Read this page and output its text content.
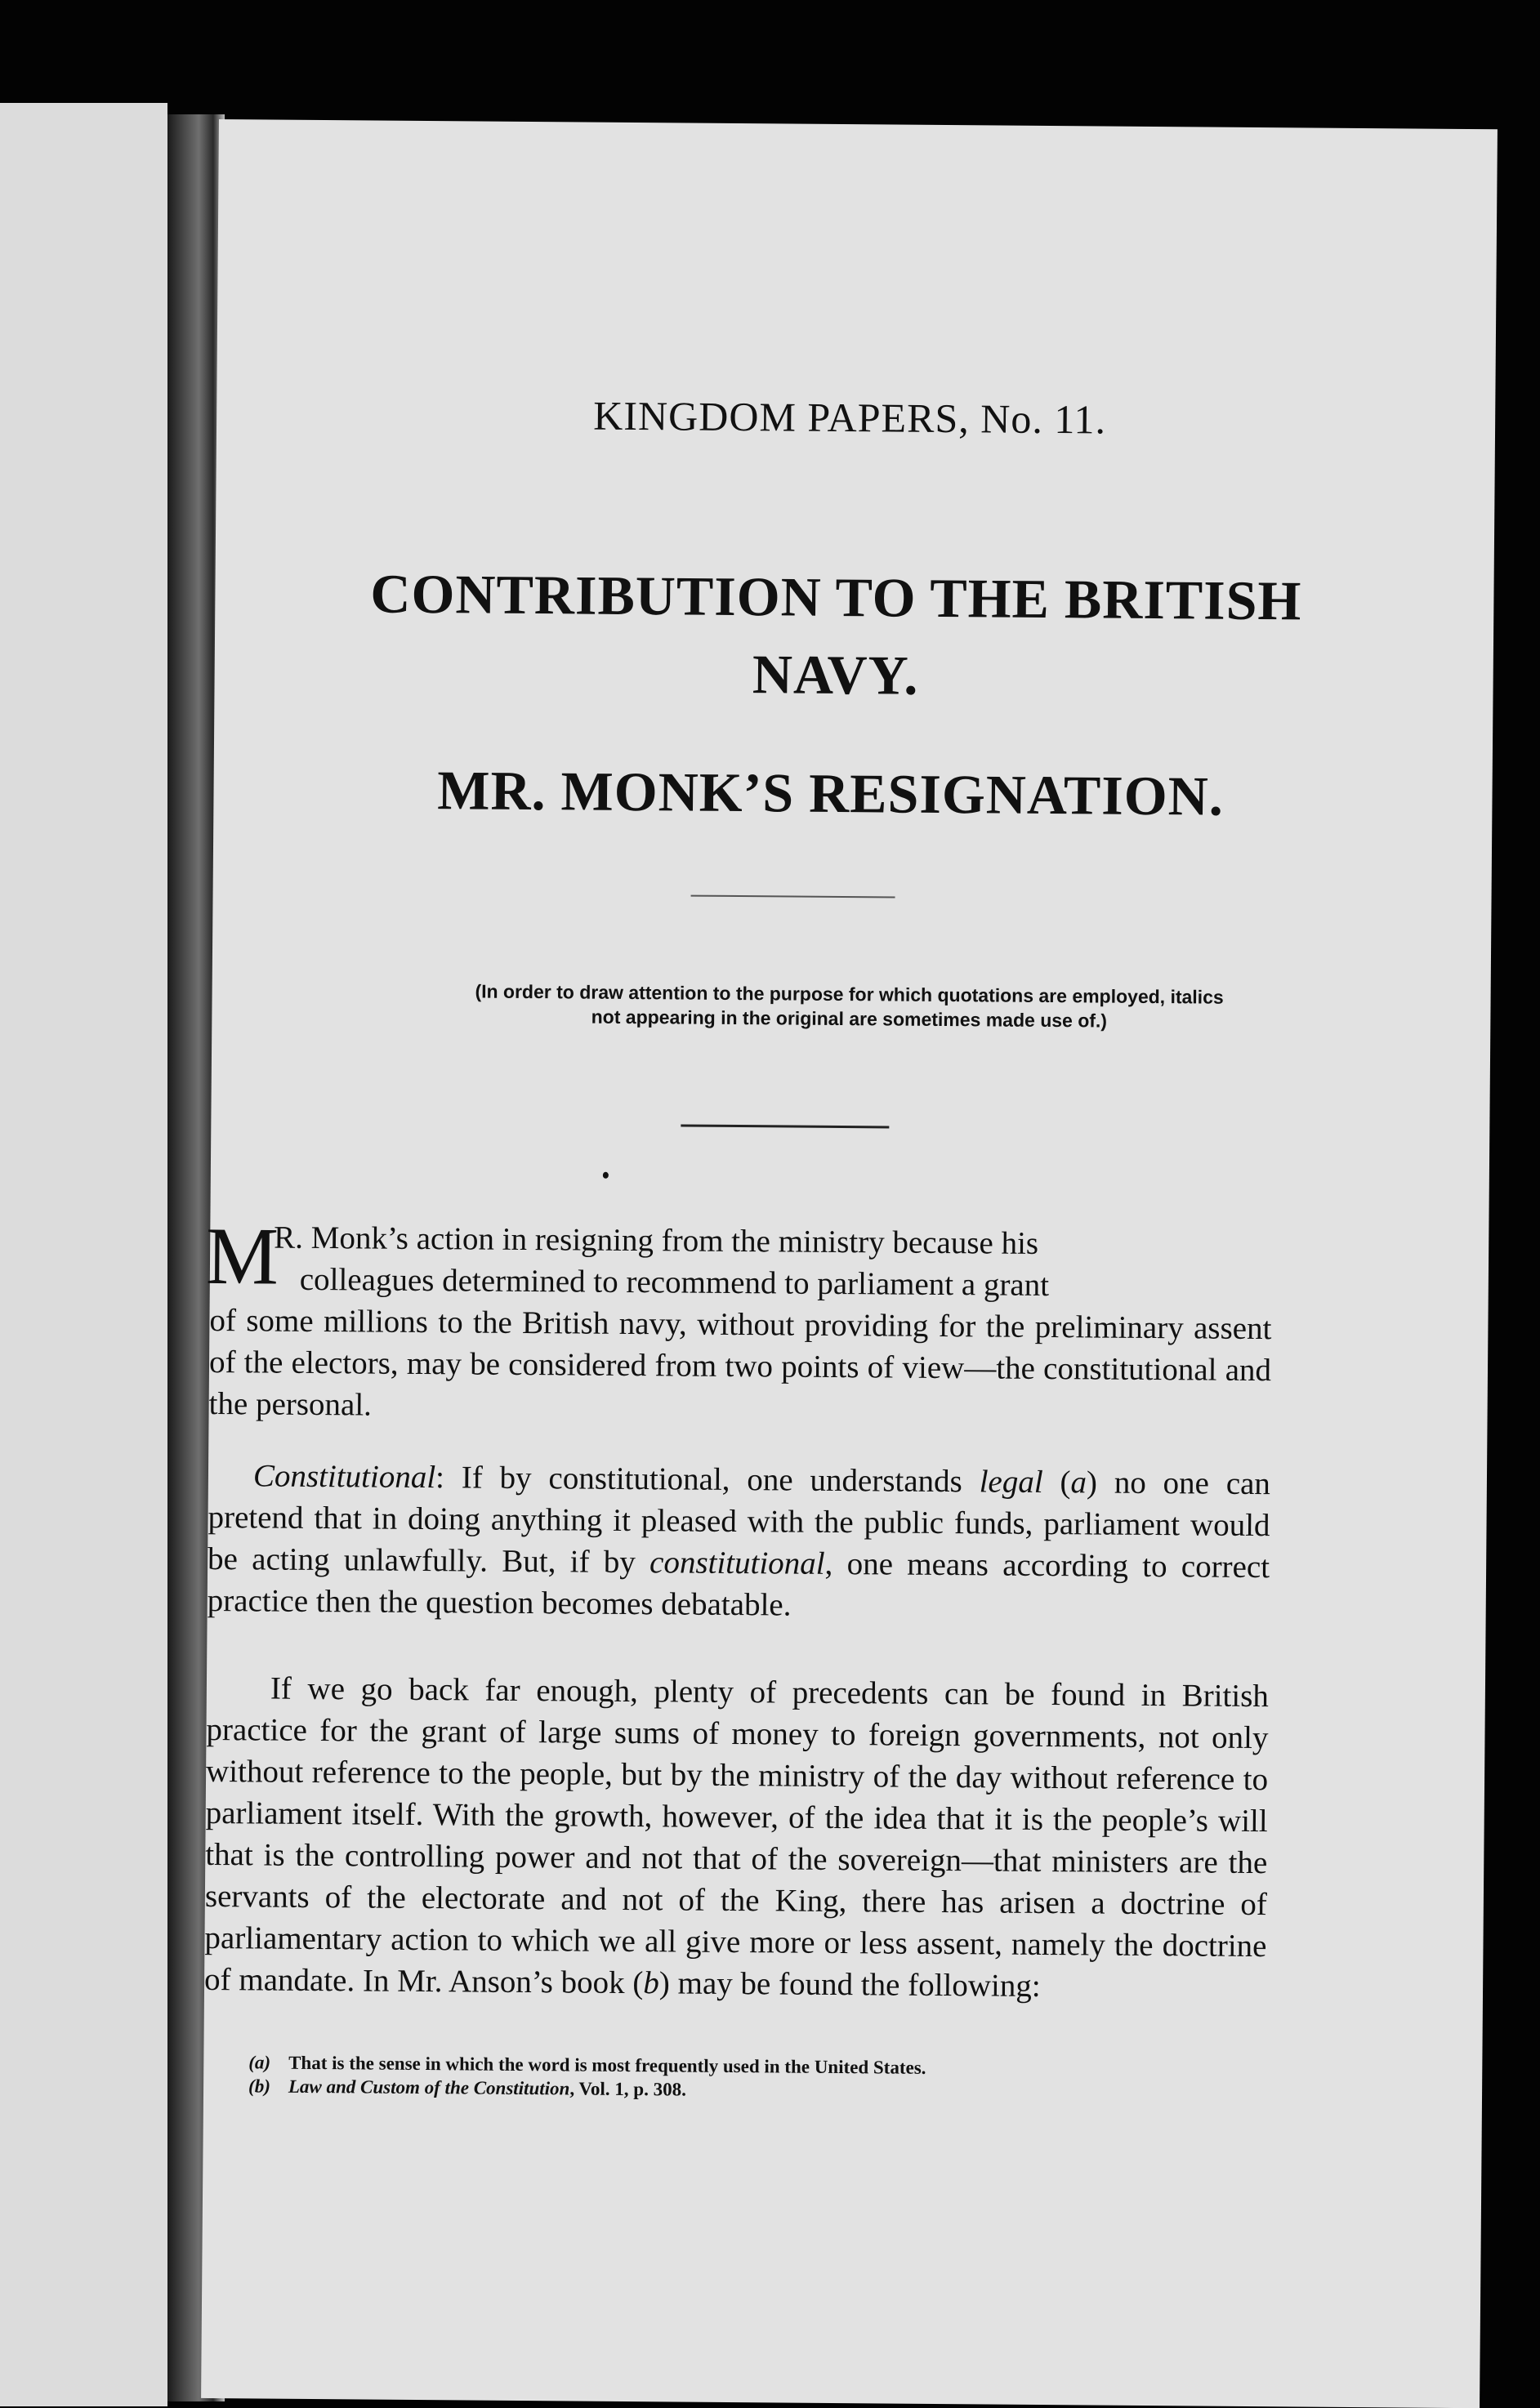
KINGDOM PAPERS, No. 11.
CONTRIBUTION TO THE BRITISH
NAVY.
MR. MONK’S RESIGNATION.
(In order to draw attention to the purpose for which quotations are employed, italics
not appearing in the original are sometimes made use of.)
M
R. Monk’s action in resigning from the ministry because his
colleagues determined to recommend to parliament a grant
of some millions to the British navy, without providing for the preliminary assent of the electors, may be considered from two points of view—the constitutional and the personal.
Constitutional: If by constitutional, one understands legal (a) no one can pretend that in doing anything it pleased with the public funds, parliament would be acting unlawfully. But, if by constitutional, one means according to correct practice then the question becomes debatable.
If we go back far enough, plenty of precedents can be found in British practice for the grant of large sums of money to foreign governments, not only without reference to the people, but by the ministry of the day without reference to parliament itself. With the growth, however, of the idea that it is the people’s will that is the controlling power and not that of the sovereign—that ministers are the servants of the electorate and not of the King, there has arisen a doctrine of parliamentary action to which we all give more or less assent, namely the doctrine of mandate. In Mr. Anson’s book (b) may be found the following:
(a) That is the sense in which the word is most frequently used in the United States.
(b) Law and Custom of the Constitution, Vol. 1, p. 308.
